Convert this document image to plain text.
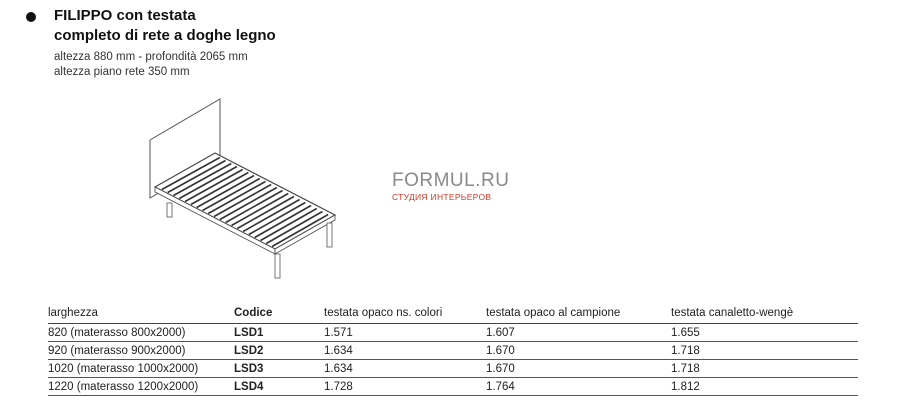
FILIPPO con testata
completo di rete a doghe legno
altezza 880 mm - profondità 2065 mm
altezza piano rete 350 mm
FORMUL.RU
СТУДИЯ ИНТЕРЬЕРОВ
larghezza	Codice	testata opaco ns. colori	testata opaco al campione	testata canaletto-wengè
820 (materasso 800x2000)	LSD1	1.571	1.607	1.655
920 (materasso 900x2000)	LSD2	1.634	1.670	1.718
1020 (materasso 1000x2000)	LSD3	1.634	1.670	1.718
1220 (materasso 1200x2000)	LSD4	1.728	1.764	1.812
